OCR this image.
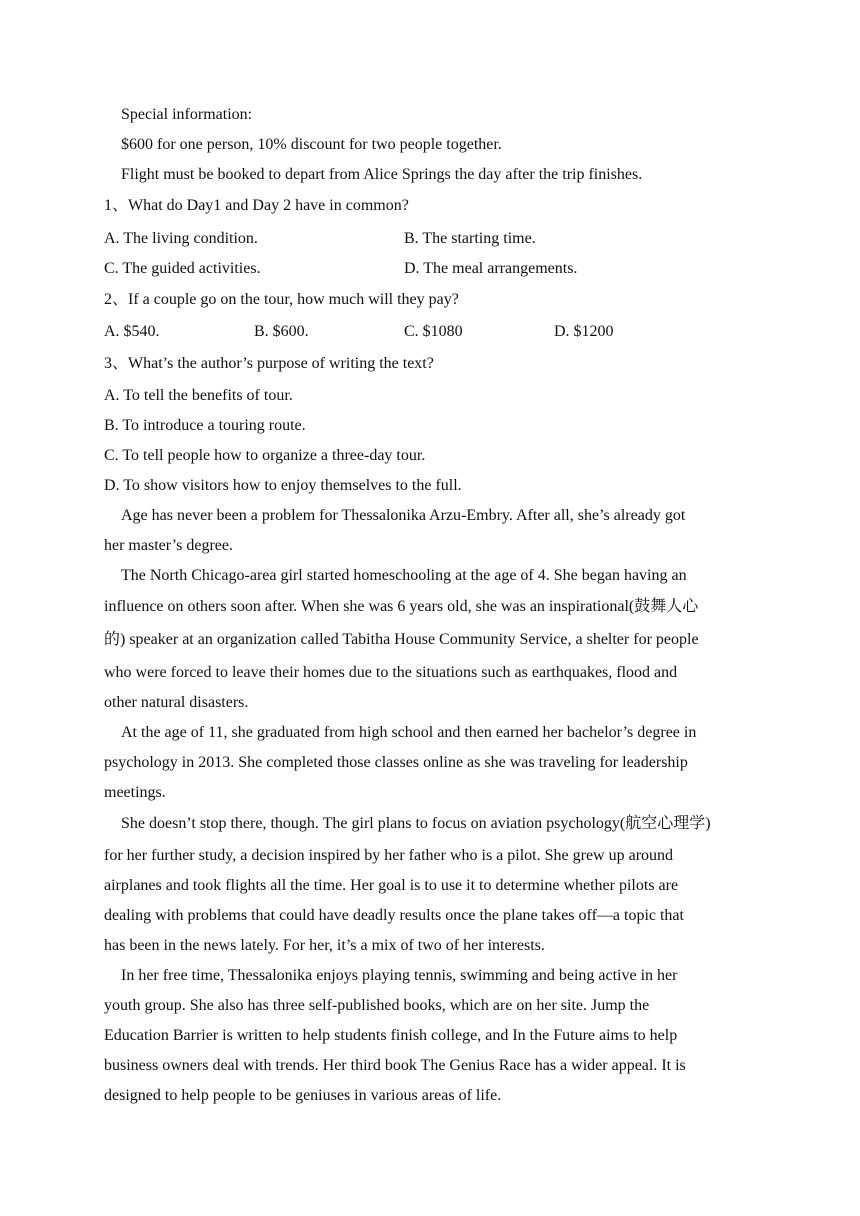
Special information:
$600 for one person, 10% discount for two people together.
Flight must be booked to depart from Alice Springs the day after the trip finishes.
1、What do Day1 and Day 2 have in common?
A. The living condition.	B. The starting time.
C. The guided activities.	D. The meal arrangements.
2、If a couple go on the tour, how much will they pay?
A. $540.	B. $600.	C. $1080	D. $1200
3、What’s the author’s purpose of writing the text?
A. To tell the benefits of tour.
B. To introduce a touring route.
C. To tell people how to organize a three-day tour.
D. To show visitors how to enjoy themselves to the full.
Age has never been a problem for Thessalonika Arzu-Embry. After all, she’s already got
her master’s degree.
The North Chicago-area girl started homeschooling at the age of 4. She began having an
influence on others soon after. When she was 6 years old, she was an inspirational(鼓舞人心
的) speaker at an organization called Tabitha House Community Service, a shelter for people
who were forced to leave their homes due to the situations such as earthquakes, flood and
other natural disasters.
At the age of 11, she graduated from high school and then earned her bachelor’s degree in
psychology in 2013. She completed those classes online as she was traveling for leadership
meetings.
She doesn’t stop there, though. The girl plans to focus on aviation psychology(航空心理学)
for her further study, a decision inspired by her father who is a pilot. She grew up around
airplanes and took flights all the time. Her goal is to use it to determine whether pilots are
dealing with problems that could have deadly results once the plane takes off—a topic that
has been in the news lately. For her, it’s a mix of two of her interests.
In her free time, Thessalonika enjoys playing tennis, swimming and being active in her
youth group. She also has three self-published books, which are on her site. Jump the
Education Barrier is written to help students finish college, and In the Future aims to help
business owners deal with trends. Her third book The Genius Race has a wider appeal. It is
designed to help people to be geniuses in various areas of life.
